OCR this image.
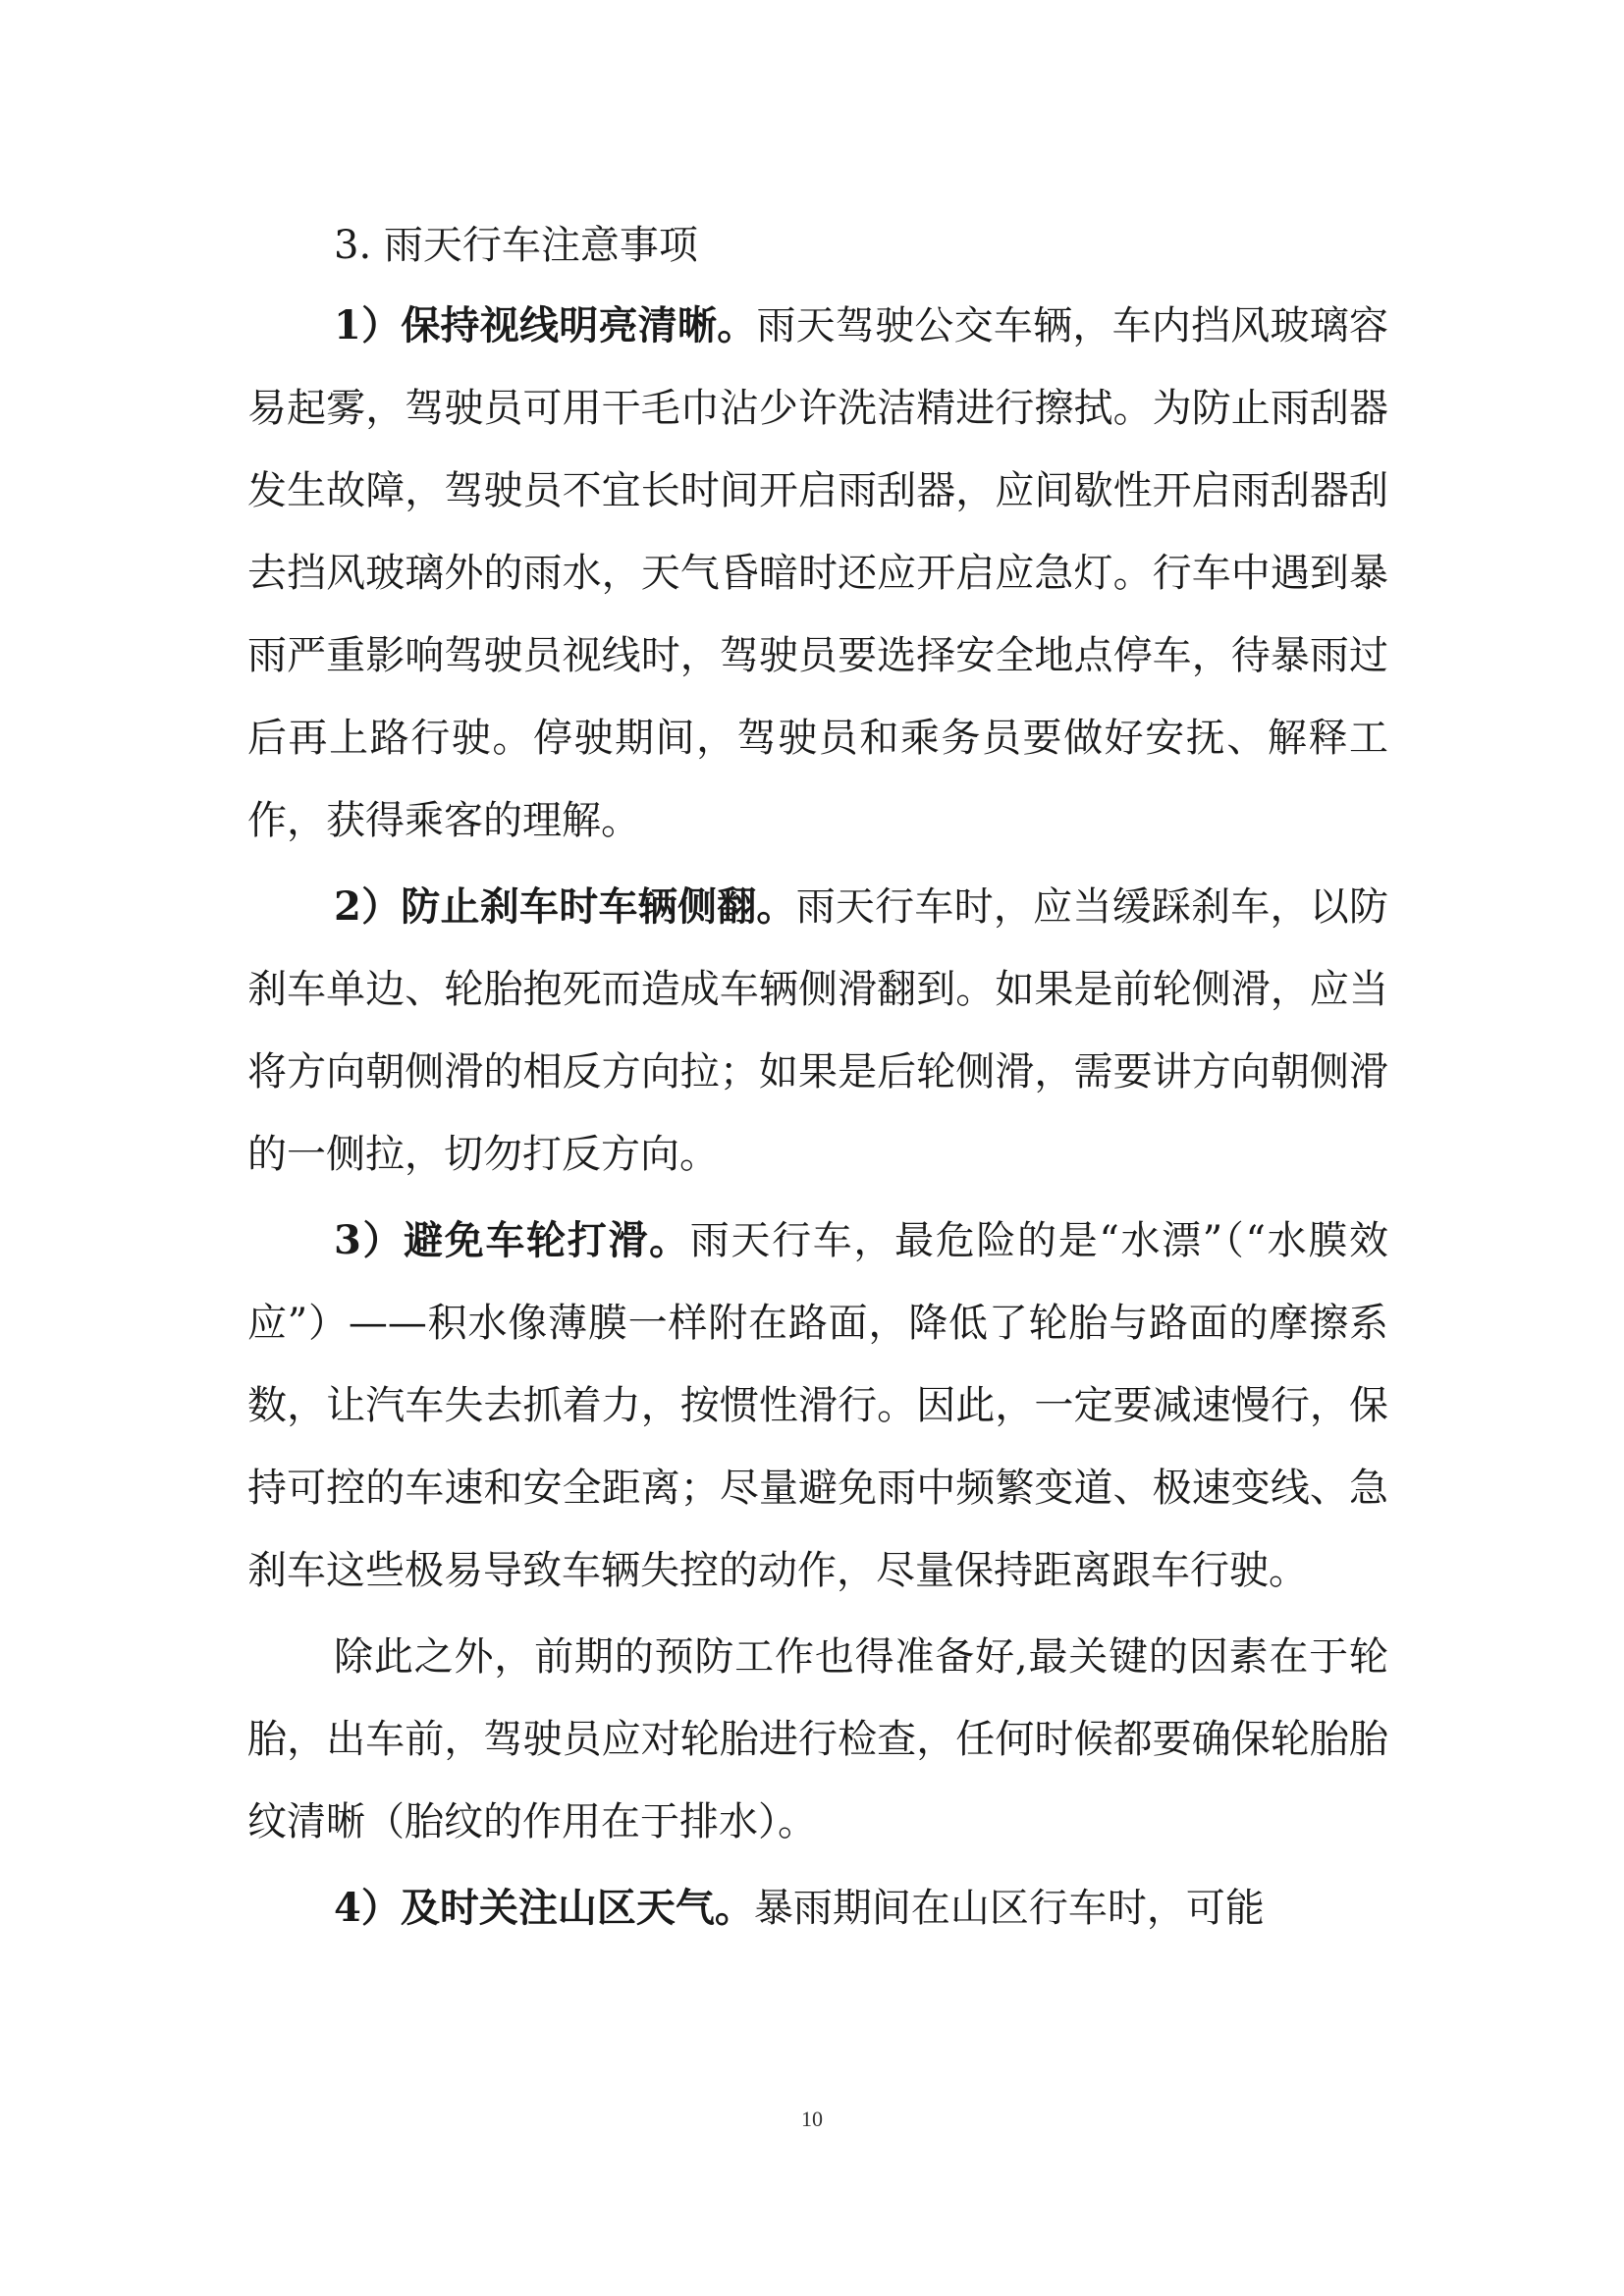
3. 雨天行车注意事项

1）保持视线明亮清晰。雨天驾驶公交车辆，车内挡风玻璃容易起雾，驾驶员可用干毛巾沾少许洗洁精进行擦拭。为防止雨刮器发生故障，驾驶员不宜长时间开启雨刮器，应间歇性开启雨刮器刮去挡风玻璃外的雨水，天气昏暗时还应开启应急灯。行车中遇到暴雨严重影响驾驶员视线时，驾驶员要选择安全地点停车，待暴雨过后再上路行驶。停驶期间，驾驶员和乘务员要做好安抚、解释工作，获得乘客的理解。

2）防止刹车时车辆侧翻。雨天行车时，应当缓踩刹车，以防刹车单边、轮胎抱死而造成车辆侧滑翻到。如果是前轮侧滑，应当将方向朝侧滑的相反方向拉；如果是后轮侧滑，需要讲方向朝侧滑的一侧拉，切勿打反方向。

3）避免车轮打滑。雨天行车，最危险的是“水漂”（“水膜效应”）——积水像薄膜一样附在路面，降低了轮胎与路面的摩擦系数，让汽车失去抓着力，按惯性滑行。因此，一定要减速慢行，保持可控的车速和安全距离；尽量避免雨中频繁变道、极速变线、急刹车这些极易导致车辆失控的动作，尽量保持距离跟车行驶。

除此之外，前期的预防工作也得准备好,最关键的因素在于轮胎，出车前，驾驶员应对轮胎进行检查，任何时候都要确保轮胎胎纹清晰（胎纹的作用在于排水）。

4）及时关注山区天气。暴雨期间在山区行车时，可能

10
